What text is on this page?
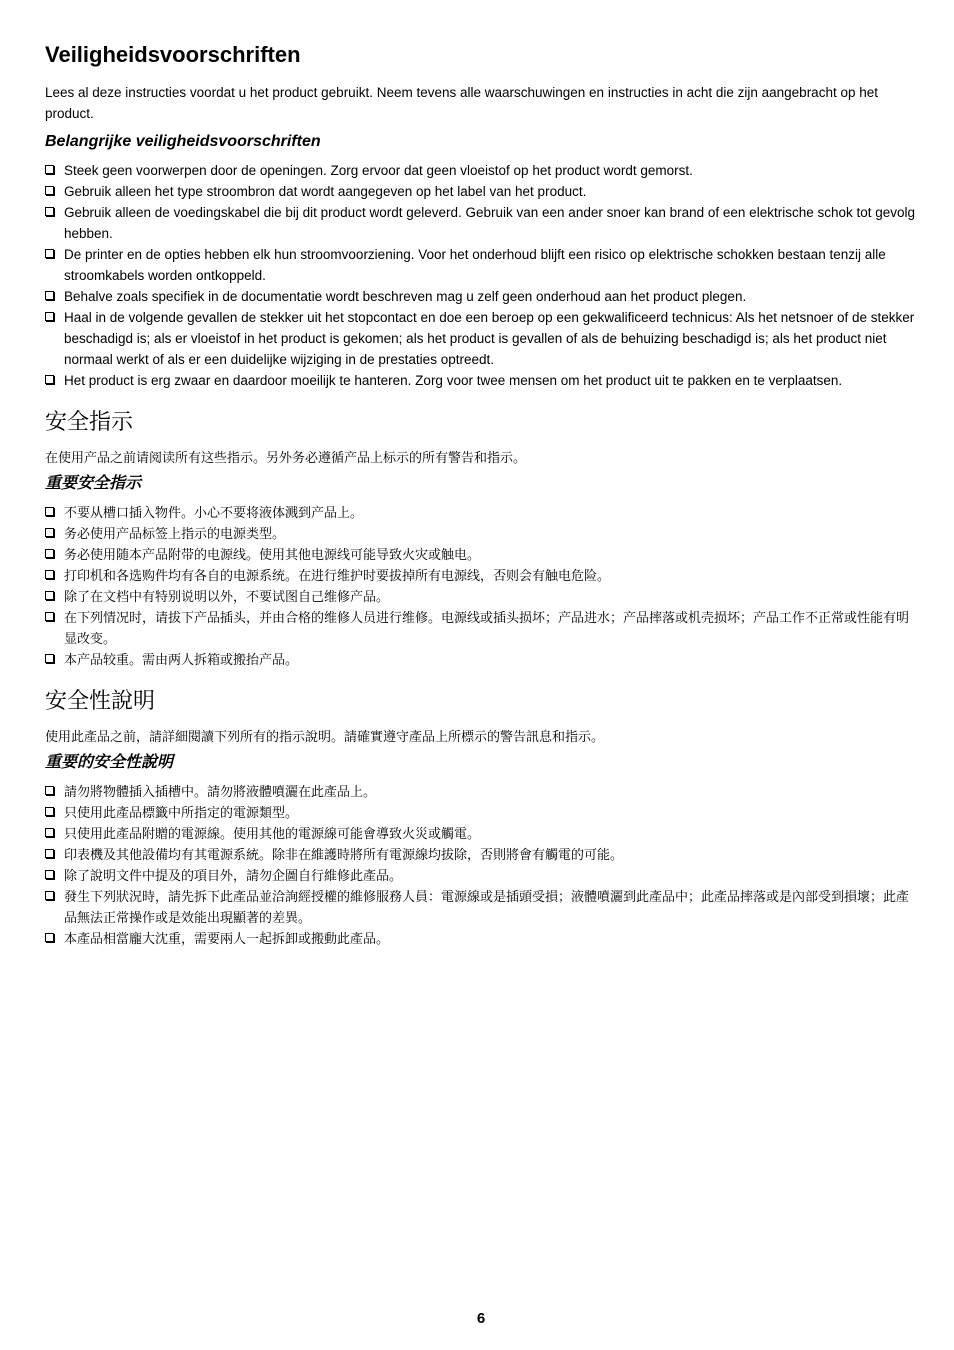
Veiligheidsvoorschriften

Lees al deze instructies voordat u het product gebruikt. Neem tevens alle waarschuwingen en instructies in acht die zijn aangebracht op het product.

Belangrijke veiligheidsvoorschriften
Steek geen voorwerpen door de openingen. Zorg ervoor dat geen vloeistof op het product wordt gemorst.
Gebruik alleen het type stroombron dat wordt aangegeven op het label van het product.
Gebruik alleen de voedingskabel die bij dit product wordt geleverd. Gebruik van een ander snoer kan brand of een elektrische schok tot gevolg hebben.
De printer en de opties hebben elk hun stroomvoorziening. Voor het onderhoud blijft een risico op elektrische schokken bestaan tenzij alle stroomkabels worden ontkoppeld.
Behalve zoals specifiek in de documentatie wordt beschreven mag u zelf geen onderhoud aan het product plegen.
Haal in de volgende gevallen de stekker uit het stopcontact en doe een beroep op een gekwalificeerd technicus: Als het netsnoer of de stekker beschadigd is; als er vloeistof in het product is gekomen; als het product is gevallen of als de behuizing beschadigd is; als het product niet normaal werkt of als er een duidelijke wijziging in de prestaties optreedt.
Het product is erg zwaar en daardoor moeilijk te hanteren. Zorg voor twee mensen om het product uit te pakken en te verplaatsen.
安全指示

在使用产品之前请阅读所有这些指示。另外务必遵循产品上标示的所有警告和指示。

重要安全指示
不要从槽口插入物件。小心不要将液体溅到产品上。
务必使用产品标签上指示的电源类型。
务必使用随本产品附带的电源线。使用其他电源线可能导致火灾或触电。
打印机和各选购件均有各自的电源系统。在进行维护时要拔掉所有电源线，否则会有触电危险。
除了在文档中有特别说明以外，不要试图自己维修产品。
在下列情况时，请拔下产品插头，并由合格的维修人员进行维修。电源线或插头损坏；产品进水；产品摔落或机壳损坏；产品工作不正常或性能有明显改变。
本产品较重。需由两人拆箱或搬抬产品。
安全性說明

使用此產品之前，請詳細閱讀下列所有的指示說明。請確實遵守產品上所標示的警告訊息和指示。

重要的安全性說明
請勿將物體插入插槽中。請勿將液體噴灑在此產品上。
只使用此產品標籤中所指定的電源類型。
只使用此產品附贈的電源線。使用其他的電源線可能會導致火災或觸電。
印表機及其他設備均有其電源系統。除非在維護時將所有電源線均拔除，否則將會有觸電的可能。
除了說明文件中提及的項目外，請勿企圖自行維修此產品。
發生下列狀況時，請先拆下此產品並洽詢經授權的維修服務人員：電源線或是插頭受損；液體噴灑到此產品中；此產品摔落或是內部受到損壞；此產品無法正常操作或是效能出現顯著的差異。
本產品相當龐大沈重，需要兩人一起拆卸或搬動此產品。
6
